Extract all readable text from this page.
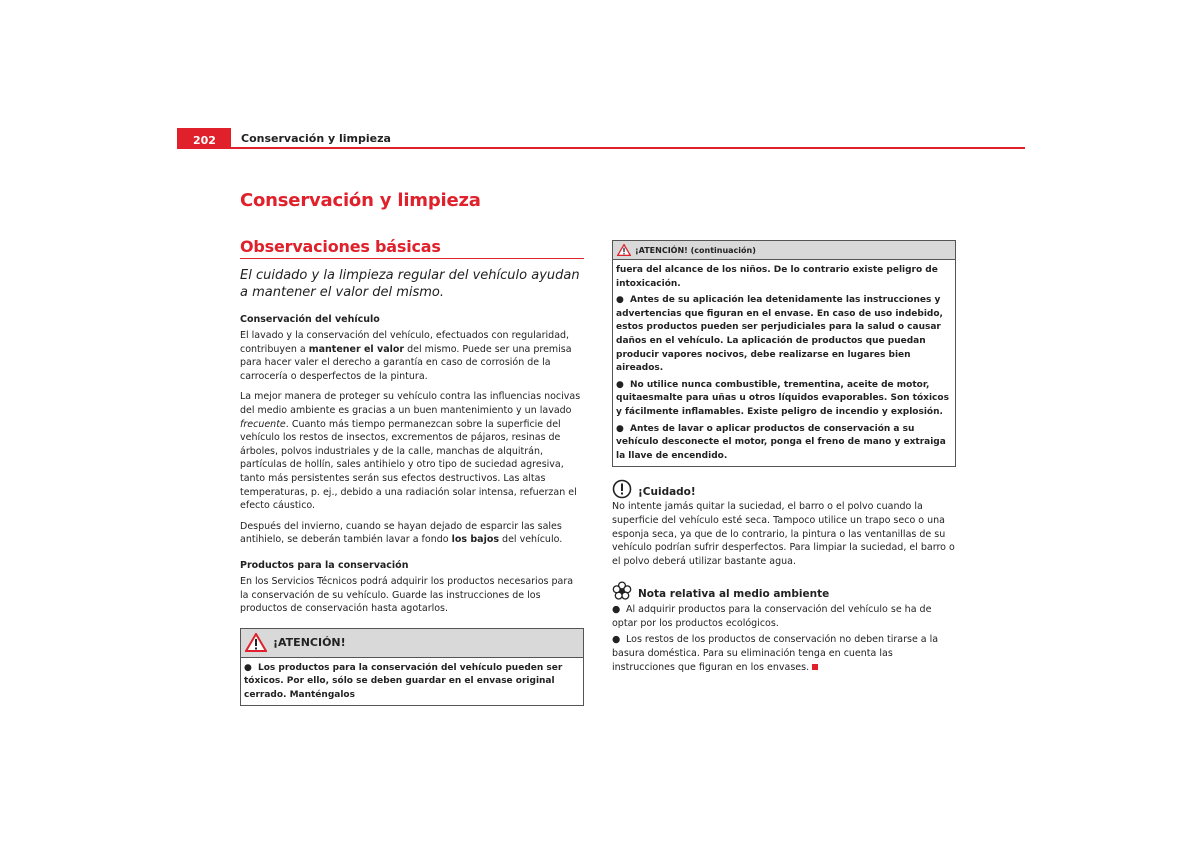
202	Conservación y limpieza
Conservación y limpieza
Observaciones básicas

El cuidado y la limpieza regular del vehículo ayudan a mantener el valor del mismo.

Conservación del vehículo

El lavado y la conservación del vehículo, efectuados con regularidad, contribuyen a mantener el valor del mismo. Puede ser una premisa para hacer valer el derecho a garantía en caso de corrosión de la carrocería o desperfectos de la pintura.

La mejor manera de proteger su vehículo contra las influencias nocivas del medio ambiente es gracias a un buen mantenimiento y un lavado frecuente. Cuanto más tiempo permanezcan sobre la superficie del vehículo los restos de insectos, excrementos de pájaros, resinas de árboles, polvos industriales y de la calle, manchas de alquitrán, partículas de hollín, sales antihielo y otro tipo de suciedad agresiva, tanto más persistentes serán sus efectos destructivos. Las altas temperaturas, p. ej., debido a una radiación solar intensa, refuerzan el efecto cáustico.

Después del invierno, cuando se hayan dejado de esparcir las sales antihielo, se deberán también lavar a fondo los bajos del vehículo.

Productos para la conservación

En los Servicios Técnicos podrá adquirir los productos necesarios para la conservación de su vehículo. Guarde las instrucciones de los productos de conservación hasta agotarlos.

¡ATENCIÓN!

● Los productos para la conservación del vehículo pueden ser tóxicos. Por ello, sólo se deben guardar en el envase original cerrado. Manténgalos

¡ATENCIÓN! (continuación)

fuera del alcance de los niños. De lo contrario existe peligro de intoxicación.

● Antes de su aplicación lea detenidamente las instrucciones y advertencias que figuran en el envase. En caso de uso indebido, estos productos pueden ser perjudiciales para la salud o causar daños en el vehículo. La aplicación de productos que puedan producir vapores nocivos, debe realizarse en lugares bien aireados.

● No utilice nunca combustible, trementina, aceite de motor, quitaesmalte para uñas u otros líquidos evaporables. Son tóxicos y fácilmente inflamables. Existe peligro de incendio y explosión.

● Antes de lavar o aplicar productos de conservación a su vehículo desconecte el motor, ponga el freno de mano y extraiga la llave de encendido.

¡Cuidado!

No intente jamás quitar la suciedad, el barro o el polvo cuando la superficie del vehículo esté seca. Tampoco utilice un trapo seco o una esponja seca, ya que de lo contrario, la pintura o las ventanillas de su vehículo podrían sufrir desperfectos. Para limpiar la suciedad, el barro o el polvo deberá utilizar bastante agua.

Nota relativa al medio ambiente

● Al adquirir productos para la conservación del vehículo se ha de optar por los productos ecológicos.

● Los restos de los productos de conservación no deben tirarse a la basura doméstica. Para su eliminación tenga en cuenta las instrucciones que figuran en los envases.
